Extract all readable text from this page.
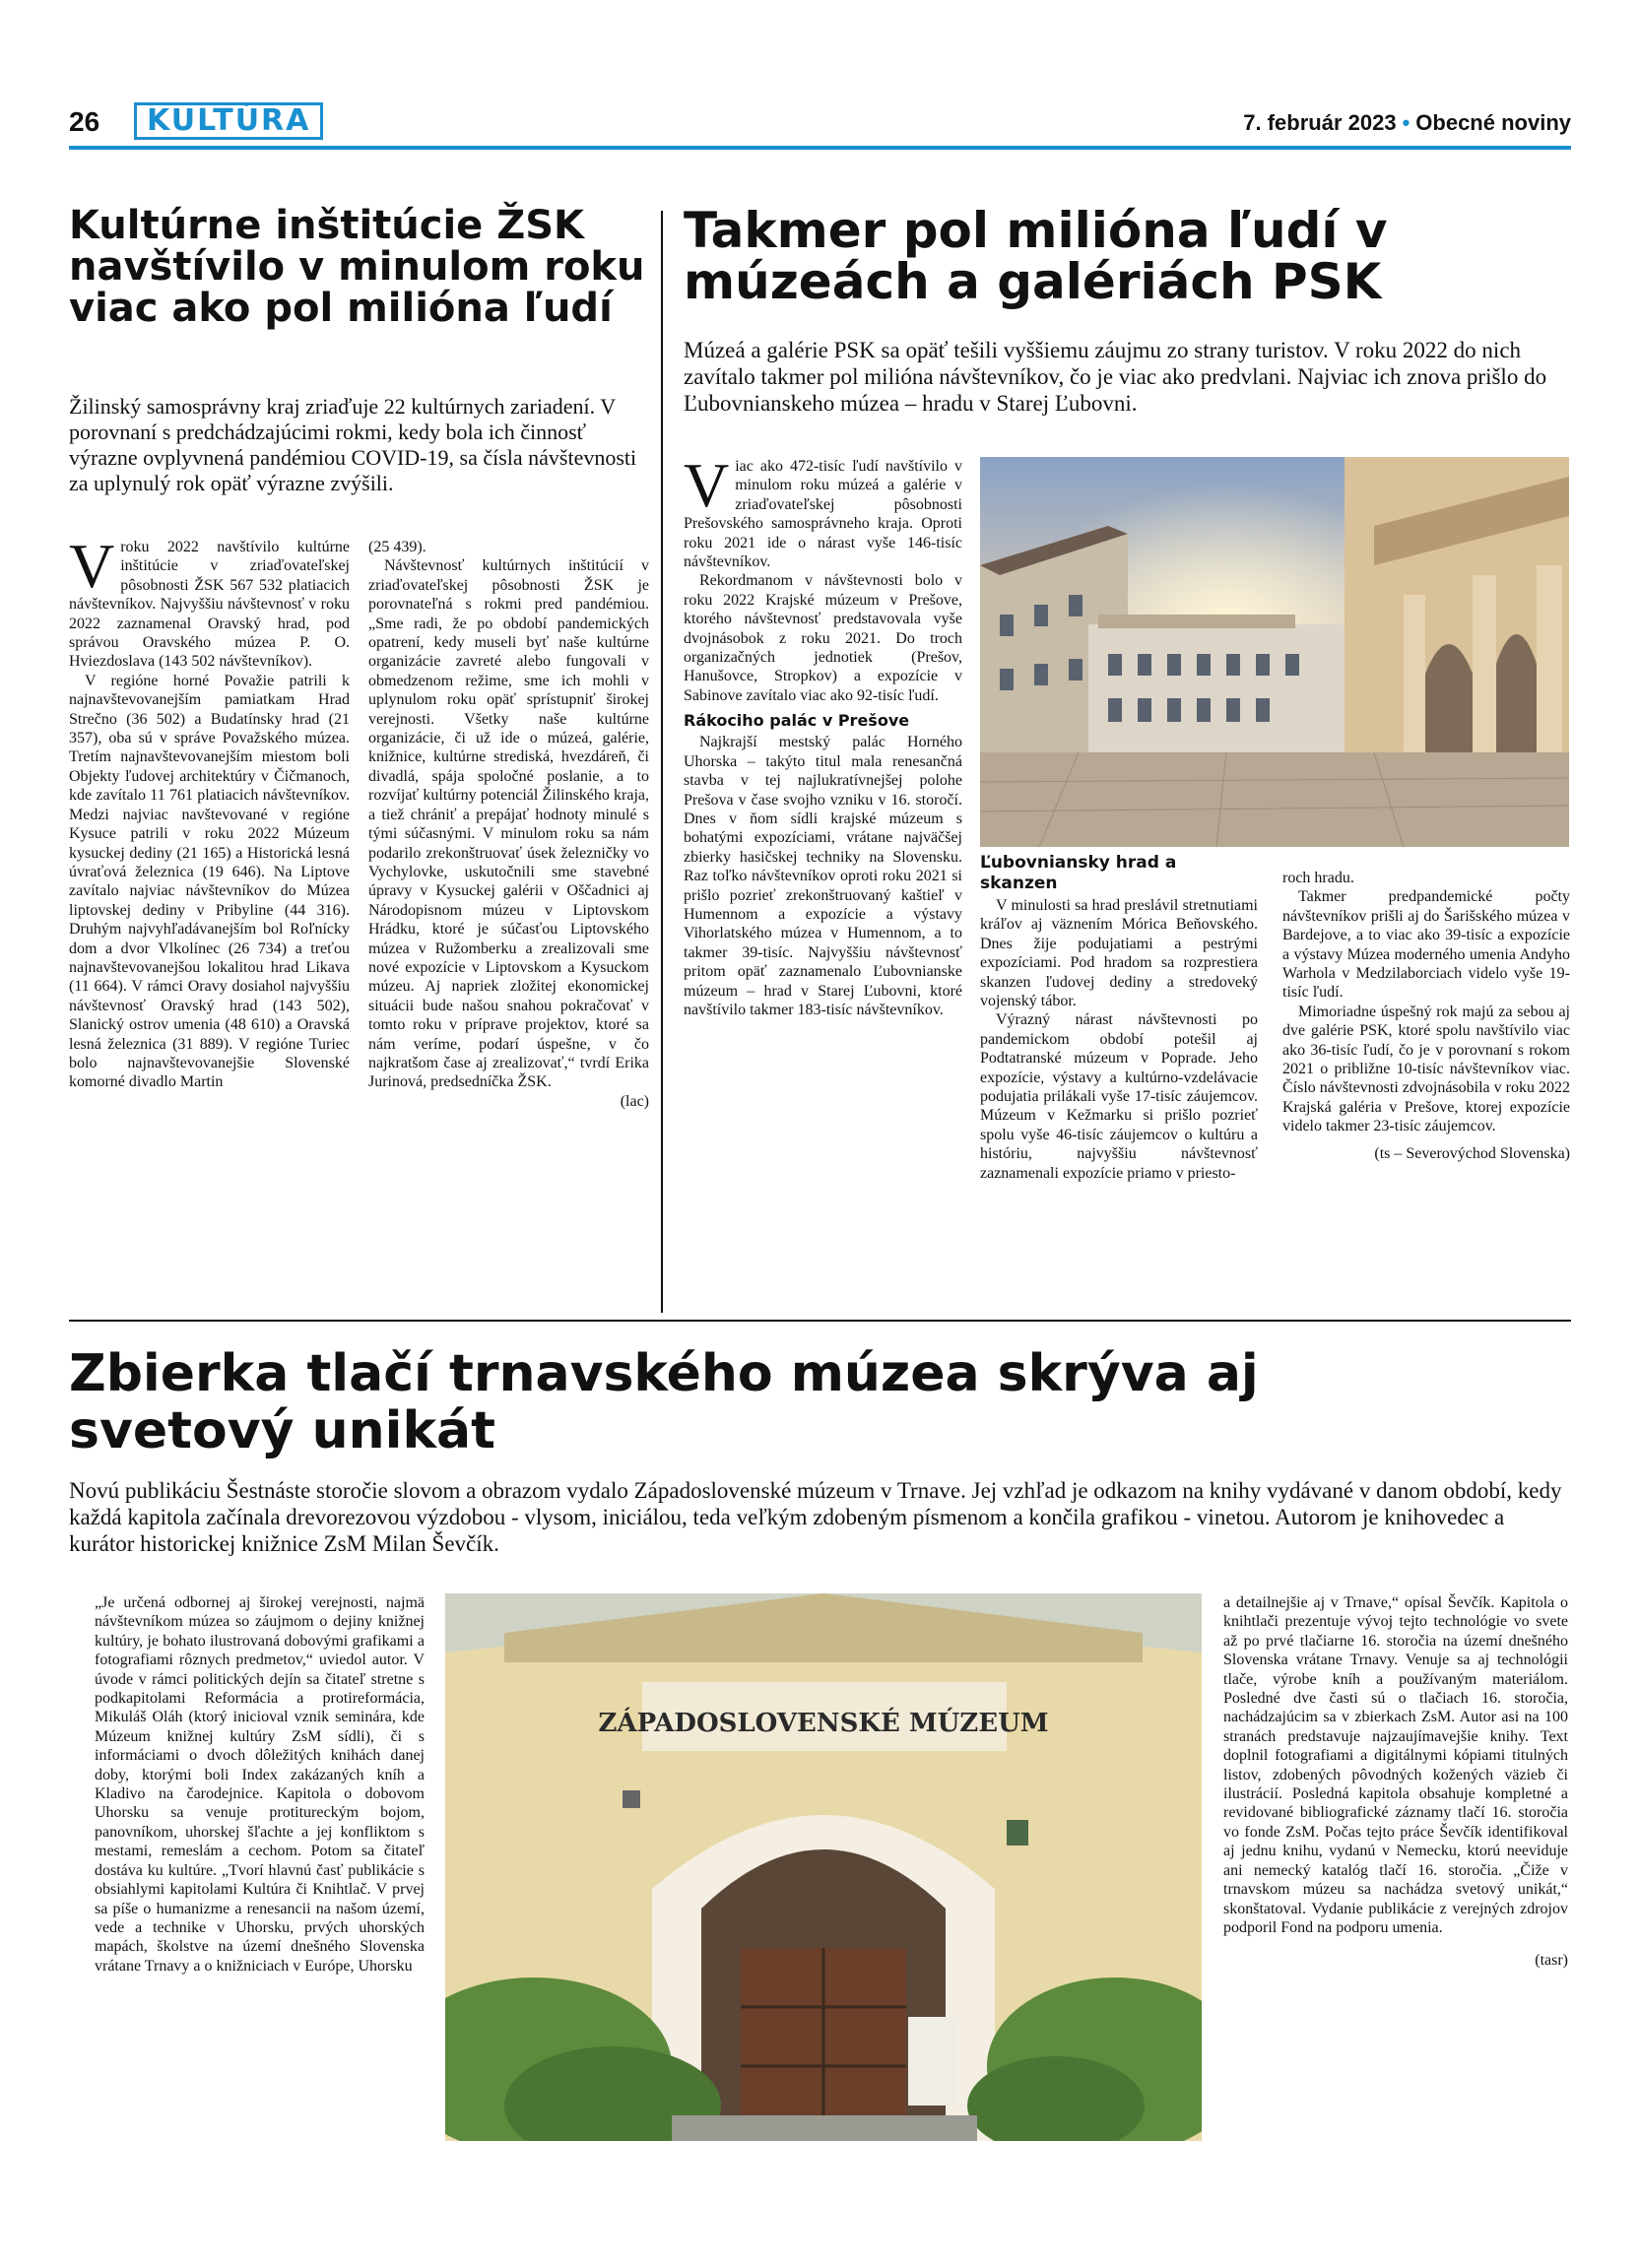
26	KULTÚRA	7. február 2023 • Obecné noviny
Kultúrne inštitúcie ŽSK navštívilo v minulom roku viac ako pol milióna ľudí

Žilinský samosprávny kraj zriaďuje 22 kultúrnych zariadení. V porovnaní s predchádzajúcimi rokmi, kedy bola ich činnosť výrazne ovplyvnená pandémiou COVID-19, sa čísla návštevnosti za uplynulý rok opäť výrazne zvýšili.

Vroku 2022 navštívilo kultúrne inštitúcie v zriaďovateľskej pôsobnosti ŽSK 567 532 platiacich návštevníkov. Najvyššiu návštevnosť v roku 2022 zaznamenal Oravský hrad, pod správou Oravského múzea P. O. Hviezdoslava (143 502 návštevníkov).

V regióne horné Považie patrili k najnavštevovanejším pamiatkam Hrad Strečno (36 502) a Budatínsky hrad (21 357), oba sú v správe Považského múzea. Tretím najnavštevovanejším miestom boli Objekty ľudovej architektúry v Čičmanoch, kde zavítalo 11 761 platiacich návštevníkov. Medzi najviac navštevované v regióne Kysuce patrili v roku 2022 Múzeum kysuckej dediny (21 165) a Historická lesná úvraťová železnica (19 646). Na Liptove zavítalo najviac návštevníkov do Múzea liptovskej dediny v Pribyline (44 316). Druhým najvyhľadávanejším bol Roľnícky dom a dvor Vlkolínec (26 734) a treťou najnavštevovanejšou lokalitou hrad Likava (11 664). V rámci Oravy dosiahol najvyššiu návštevnosť Oravský hrad (143 502), Slanický ostrov umenia (48 610) a Oravská lesná železnica (31 889). V regióne Turiec bolo najnavštevovanejšie Slovenské komorné divadlo Martin

(25 439).

Návštevnosť kultúrnych inštitúcií v zriaďovateľskej pôsobnosti ŽSK je porovnateľná s rokmi pred pandémiou. „Sme radi, že po období pandemických opatrení, kedy museli byť naše kultúrne organizácie zavreté alebo fungovali v obmedzenom režime, sme ich mohli v uplynulom roku opäť sprístupniť širokej verejnosti. Všetky naše kultúrne organizácie, či už ide o múzeá, galérie, knižnice, kultúrne strediská, hvezdáreň, či divadlá, spája spoločné poslanie, a to rozvíjať kultúrny potenciál Žilinského kraja, a tiež chrániť a prepájať hodnoty minulé s tými súčasnými. V minulom roku sa nám podarilo zrekonštruovať úsek železničky vo Vychylovke, uskutočnili sme stavebné úpravy v Kysuckej galérii v Oščadnici aj Národopisnom múzeu v Liptovskom Hrádku, ktoré je súčasťou Liptovského múzea v Ružomberku a zrealizovali sme nové expozície v Liptovskom a Kysuckom múzeu. Aj napriek zložitej ekonomickej situácii bude našou snahou pokračovať v tomto roku v príprave projektov, ktoré sa nám veríme, podarí úspešne, v čo najkratšom čase aj zrealizovať,“ tvrdí Erika Jurinová, predsedníčka ŽSK.

(lac)

Takmer pol milióna ľudí v múzeách a galériách PSK

Múzeá a galérie PSK sa opäť tešili vyššiemu záujmu zo strany turistov. V roku 2022 do nich zavítalo takmer pol milióna návštevníkov, čo je viac ako predvlani. Najviac ich znova prišlo do Ľubovnianskeho múzea – hradu v Starej Ľubovni.

Viac ako 472-tisíc ľudí navštívilo v minulom roku múzeá a galérie v zriaďovateľskej pôsobnosti Prešovského samosprávneho kraja. Oproti roku 2021 ide o nárast vyše 146-tisíc návštevníkov.

Rekordmanom v návštevnosti bolo v roku 2022 Krajské múzeum v Prešove, ktorého návštevnosť predstavovala vyše dvojnásobok z roku 2021. Do troch organizačných jednotiek (Prešov, Hanušovce, Stropkov) a expozície v Sabinove zavítalo viac ako 92-tisíc ľudí.

Rákociho palác v Prešove

Najkrajší mestský palác Horného Uhorska – takýto titul mala renesančná stavba v tej najlukratívnejšej polohe Prešova v čase svojho vzniku v 16. storočí. Dnes v ňom sídli krajské múzeum s bohatými expozíciami, vrátane najväčšej zbierky hasičskej techniky na Slovensku. Raz toľko návštevníkov oproti roku 2021 si prišlo pozrieť zrekonštruovaný kaštieľ v Humennom a expozície a výstavy Vihorlatského múzea v Humennom, a to takmer 39-tisíc. Najvyššiu návštevnosť pritom opäť zaznamenalo Ľubovnianske múzeum – hrad v Starej Ľubovni, ktoré navštívilo takmer 183-tisíc návštevníkov.

Ľubovniansky hrad a skanzen

V minulosti sa hrad preslávil stretnutiami kráľov aj väznením Mórica Beňovského. Dnes žije podujatiami a pestrými expozíciami. Pod hradom sa rozprestiera skanzen ľudovej dediny a stredoveký vojenský tábor.

Výrazný nárast návštevnosti po pandemickom období potešil aj Podtatranské múzeum v Poprade. Jeho expozície, výstavy a kultúrno-vzdelávacie podujatia prilákali vyše 17-tisíc záujemcov. Múzeum v Kežmarku si prišlo pozrieť spolu vyše 46-tisíc záujemcov o kultúru a históriu, najvyššiu návštevnosť zaznamenali expozície priamo v priesto-

roch hradu.

Takmer predpandemické počty návštevníkov prišli aj do Šarišského múzea v Bardejove, a to viac ako 39-tisíc a expozície a výstavy Múzea moderného umenia Andyho Warhola v Medzilaborciach videlo vyše 19-tisíc ľudí.

Mimoriadne úspešný rok majú za sebou aj dve galérie PSK, ktoré spolu navštívilo viac ako 36-tisíc ľudí, čo je v porovnaní s rokom 2021 o približne 10-tisíc návštevníkov viac. Číslo návštevnosti zdvojnásobila v roku 2022 Krajská galéria v Prešove, ktorej expozície videlo takmer 23-tisíc záujemcov.

(ts – Severovýchod Slovenska)

Zbierka tlačí trnavského múzea skrýva aj svetový unikát

Novú publikáciu Šestnáste storočie slovom a obrazom vydalo Západoslovenské múzeum v Trnave. Jej vzhľad je odkazom na knihy vydávané v danom období, kedy každá kapitola začínala drevorezovou výzdobou - vlysom, iniciálou, teda veľkým zdobeným písmenom a končila grafikou - vinetou. Autorom je knihovedec a kurátor historickej knižnice ZsM Milan Ševčík.

„Je určená odbornej aj širokej verejnosti, najmä návštevníkom múzea so záujmom o dejiny knižnej kultúry, je bohato ilustrovaná dobovými grafikami a fotografiami rôznych predmetov,“ uviedol autor. V úvode v rámci politických dejín sa čitateľ stretne s podkapitolami Reformácia a protireformácia, Mikuláš Oláh (ktorý inicioval vznik seminára, kde Múzeum knižnej kultúry ZsM sídli), či s informáciami o dvoch dôležitých knihách danej doby, ktorými boli Index zakázaných kníh a Kladivo na čarodejnice. Kapitola o dobovom Uhorsku sa venuje protitureckým bojom, panovníkom, uhorskej šľachte a jej konfliktom s mestami, remeslám a cechom. Potom sa čitateľ dostáva ku kultúre. „Tvorí hlavnú časť publikácie s obsiahlymi kapitolami Kultúra či Knihtlač. V prvej sa píše o humanizme a renesancii na našom území, vede a technike v Uhorsku, prvých uhorských mapách, školstve na území dnešného Slovenska vrátane Trnavy a o knižniciach v Európe, Uhorsku

ZÁPADOSLOVENSKÉ MÚZEUM

a detailnejšie aj v Trnave,“ opísal Ševčík. Kapitola o knihtlači prezentuje vývoj tejto technológie vo svete až po prvé tlačiarne 16. storočia na území dnešného Slovenska vrátane Trnavy. Venuje sa aj technológii tlače, výrobe kníh a používaným materiálom. Posledné dve časti sú o tlačiach 16. storočia, nachádzajúcim sa v zbierkach ZsM. Autor asi na 100 stranách predstavuje najzaujímavejšie knihy. Text doplnil fotografiami a digitálnymi kópiami titulných listov, zdobených pôvodných kožených väzieb či ilustrácií. Posledná kapitola obsahuje kompletné a revidované bibliografické záznamy tlačí 16. storočia vo fonde ZsM. Počas tejto práce Ševčík identifikoval aj jednu knihu, vydanú v Nemecku, ktorú neeviduje ani nemecký katalóg tlačí 16. storočia. „Čiže v trnavskom múzeu sa nachádza svetový unikát,“ skonštatoval. Vydanie publikácie z verejných zdrojov podporil Fond na podporu umenia.

(tasr)
